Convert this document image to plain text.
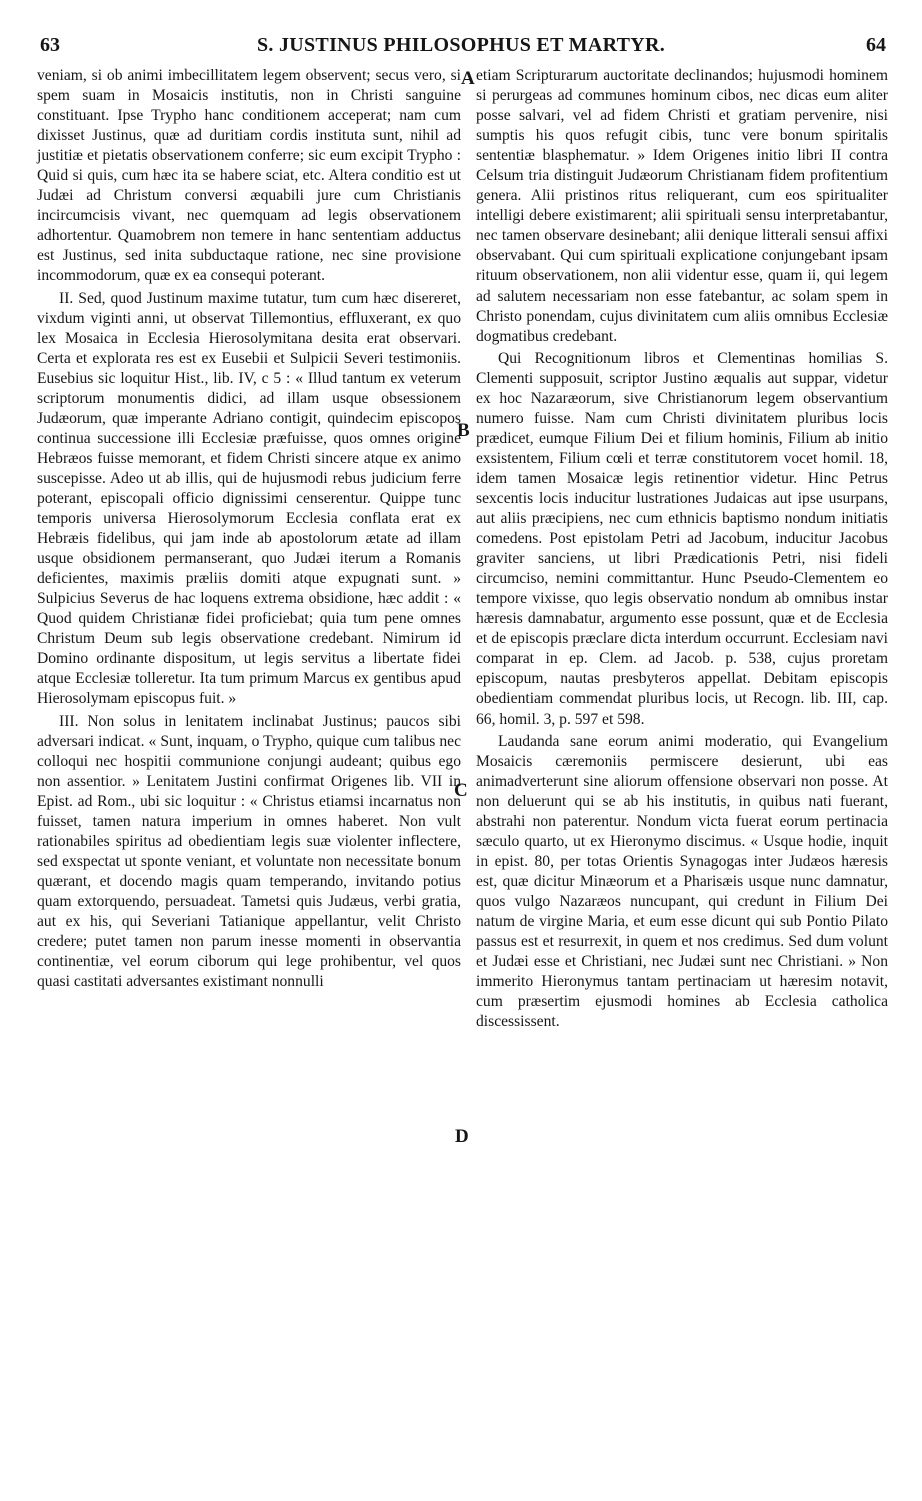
63	S. JUSTINUS PHILOSOPHUS ET MARTYR.	64

veniam, si ob animi imbecillitatem legem observent; secus vero, si spem suam in Mosaicis institutis, non in Christi sanguine constituant. Ipse Trypho hanc conditionem acceperat; nam cum dixisset Justinus, quæ ad duritiam cordis instituta sunt, nihil ad justitiæ et pietatis observationem conferre; sic eum excipit Trypho : Quid si quis, cum hæc ita se habere sciat, etc. Altera conditio est ut Judæi ad Christum conversi æquabili jure cum Christianis incircumcisis vivant, nec quemquam ad legis observationem adhortentur. Quamobrem non temere in hanc sententiam adductus est Justinus, sed inita subductaque ratione, nec sine provisione incommodorum, quæ ex ea consequi poterant.

II. Sed, quod Justinum maxime tutatur, tum cum hæc disereret, vixdum viginti anni, ut observat Tillemontius, effluxerant, ex quo lex Mosaica in Ecclesia Hierosolymitana desita erat observari. Certa et explorata res est ex Eusebii et Sulpicii Severi testimoniis. Eusebius sic loquitur Hist., lib. IV, c 5 : « Illud tantum ex veterum scriptorum monumentis didici, ad illam usque obsessionem Judæorum, quæ imperante Adriano contigit, quindecim episcopos continua successione illi Ecclesiæ præfuisse, quos omnes origine Hebræos fuisse memorant, et fidem Christi sincere atque ex animo suscepisse. Adeo ut ab illis, qui de hujusmodi rebus judicium ferre poterant, episcopali officio dignissimi censerentur. Quippe tunc temporis universa Hierosolymorum Ecclesia conflata erat ex Hebræis fidelibus, qui jam inde ab apostolorum ætate ad illam usque obsidionem permanserant, quo Judæi iterum a Romanis deficientes, maximis præliis domiti atque expugnati sunt. » Sulpicius Severus de hac loquens extrema obsidione, hæc addit : « Quod quidem Christianæ fidei proficiebat; quia tum pene omnes Christum Deum sub legis observatione credebant. Nimirum id Domino ordinante dispositum, ut legis servitus a libertate fidei atque Ecclesiæ tolleretur. Ita tum primum Marcus ex gentibus apud Hierosolymam episcopus fuit. »

III. Non solus in lenitatem inclinabat Justinus; paucos sibi adversari indicat. « Sunt, inquam, o Trypho, quique cum talibus nec colloqui nec hospitii communione conjungi audeant; quibus ego non assentior. » Lenitatem Justini confirmat Origenes lib. VII in Epist. ad Rom., ubi sic loquitur : « Christus etiamsi incarnatus non fuisset, tamen natura imperium in omnes haberet. Non vult rationabiles spiritus ad obedientiam legis suæ violenter inflectere, sed exspectat ut sponte veniant, et voluntate non necessitate bonum quærant, et docendo magis quam temperando, invitando potius quam extorquendo, persuadeat. Tametsi quis Judæus, verbi gratia, aut ex his, qui Severiani Tatianique appellantur, velit Christo credere; putet tamen non parum inesse momenti in observantia continentiæ, vel eorum ciborum qui lege prohibentur, vel quos quasi castitati adversantes existimant nonnulli

etiam Scripturarum auctoritate declinandos; hujusmodi hominem si perurgeas ad communes hominum cibos, nec dicas eum aliter posse salvari, vel ad fidem Christi et gratiam pervenire, nisi sumptis his quos refugit cibis, tunc vere bonum spiritalis sententiæ blasphematur. » Idem Origenes initio libri II contra Celsum tria distinguit Judæorum Christianam fidem profitentium genera. Alii pristinos ritus reliquerant, cum eos spiritualiter intelligi debere existimarent; alii spirituali sensu interpretabantur, nec tamen observare desinebant; alii denique litterali sensui affixi observabant. Qui cum spirituali explicatione conjungebant ipsam rituum observationem, non alii videntur esse, quam ii, qui legem ad salutem necessariam non esse fatebantur, ac solam spem in Christo ponendam, cujus divinitatem cum aliis omnibus Ecclesiæ dogmatibus credebant.

Qui Recognitionum libros et Clementinas homilias S. Clementi supposuit, scriptor Justino æqualis aut suppar, videtur ex hoc Nazaræorum, sive Christianorum legem observantium numero fuisse. Nam cum Christi divinitatem pluribus locis prædicet, eumque Filium Dei et filium hominis, Filium ab initio exsistentem, Filium cœli et terræ constitutorem vocet homil. 18, idem tamen Mosaicæ legis retinentior videtur. Hinc Petrus sexcentis locis inducitur lustrationes Judaicas aut ipse usurpans, aut aliis præcipiens, nec cum ethnicis baptismo nondum initiatis comedens. Post epistolam Petri ad Jacobum, inducitur Jacobus graviter sanciens, ut libri Prædicationis Petri, nisi fideli circumciso, nemini committantur. Hunc Pseudo-Clementem eo tempore vixisse, quo legis observatio nondum ab omnibus instar hæresis damnabatur, argumento esse possunt, quæ et de Ecclesia et de episcopis præclare dicta interdum occurrunt. Ecclesiam navi comparat in ep. Clem. ad Jacob. p. 538, cujus proretam episcopum, nautas presbyteros appellat. Debitam episcopis obedientiam commendat pluribus locis, ut Recogn. lib. III, cap. 66, homil. 3, p. 597 et 598.

Laudanda sane eorum animi moderatio, qui Evangelium Mosaicis cæremoniis permiscere desierunt, ubi eas animadverterunt sine aliorum offensione observari non posse. At non deluerunt qui se ab his institutis, in quibus nati fuerant, abstrahi non paterentur. Nondum victa fuerat eorum pertinacia sæculo quarto, ut ex Hieronymo discimus. « Usque hodie, inquit in epist. 80, per totas Orientis Synagogas inter Judæos hæresis est, quæ dicitur Minæorum et a Pharisæis usque nunc damnatur, quos vulgo Nazaræos nuncupant, qui credunt in Filium Dei natum de virgine Maria, et eum esse dicunt qui sub Pontio Pilato passus est et resurrexit, in quem et nos credimus. Sed dum volunt et Judæi esse et Christiani, nec Judæi sunt nec Christiani. » Non immerito Hieronymus tantam pertinaciam ut hæresim notavit, cum præsertim ejusmodi homines ab Ecclesia catholica discessissent.

A
B
C
D
